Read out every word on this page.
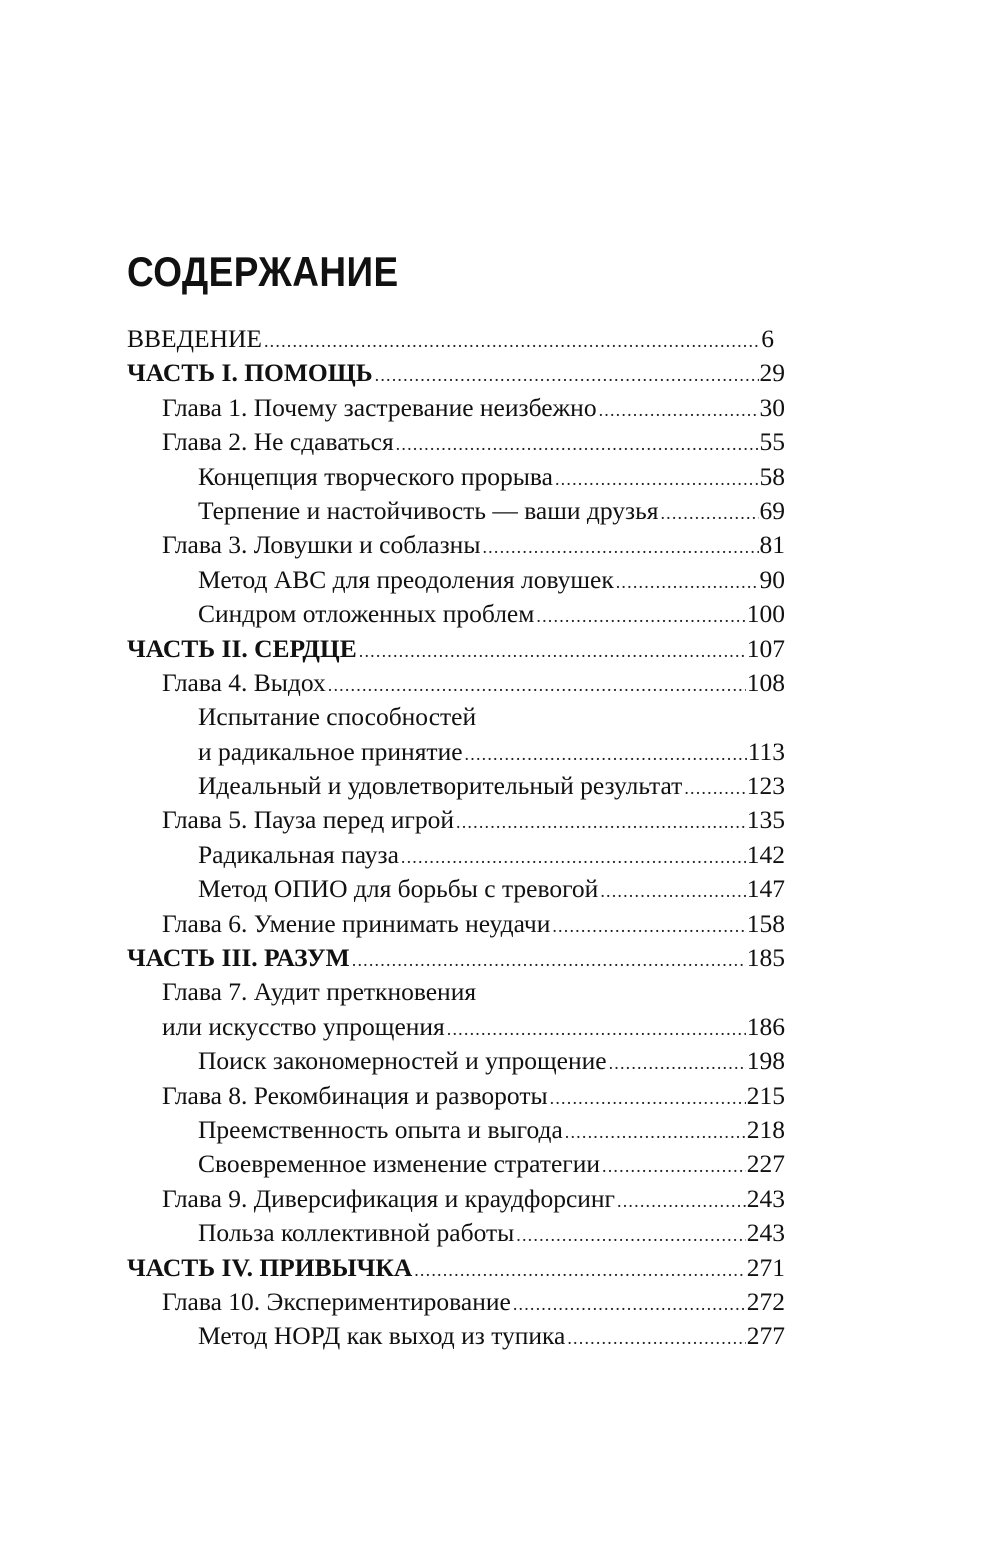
СОДЕРЖАНИЕ
ВВЕДЕНИЕ .....	6
ЧАСТЬ I. ПОМОЩЬ .....	29
Глава 1. Почему застревание неизбежно .....	30
Глава 2. Не сдаваться .....	55
Концепция творческого прорыва .....	58
Терпение и настойчивость — ваши друзья .....	69
Глава 3. Ловушки и соблазны .....	81
Метод ABC для преодоления ловушек .....	90
Синдром отложенных проблем .....	100
ЧАСТЬ II. СЕРДЦЕ .....	107
Глава 4. Выдох .....	108
Испытание способностей
и радикальное принятие .....	113
Идеальный и удовлетворительный результат .....	123
Глава 5. Пауза перед игрой .....	135
Радикальная пауза .....	142
Метод ОПИО для борьбы с тревогой .....	147
Глава 6. Умение принимать неудачи .....	158
ЧАСТЬ III. РАЗУМ .....	185
Глава 7. Аудит преткновения
или искусство упрощения .....	186
Поиск закономерностей и упрощение .....	198
Глава 8. Рекомбинация и развороты .....	215
Преемственность опыта и выгода .....	218
Своевременное изменение стратегии .....	227
Глава 9. Диверсификация и краудфорсинг .....	243
Польза коллективной работы .....	243
ЧАСТЬ IV. ПРИВЫЧКА .....	271
Глава 10. Экспериментирование .....	272
Метод НОРД как выход из тупика .....	277
